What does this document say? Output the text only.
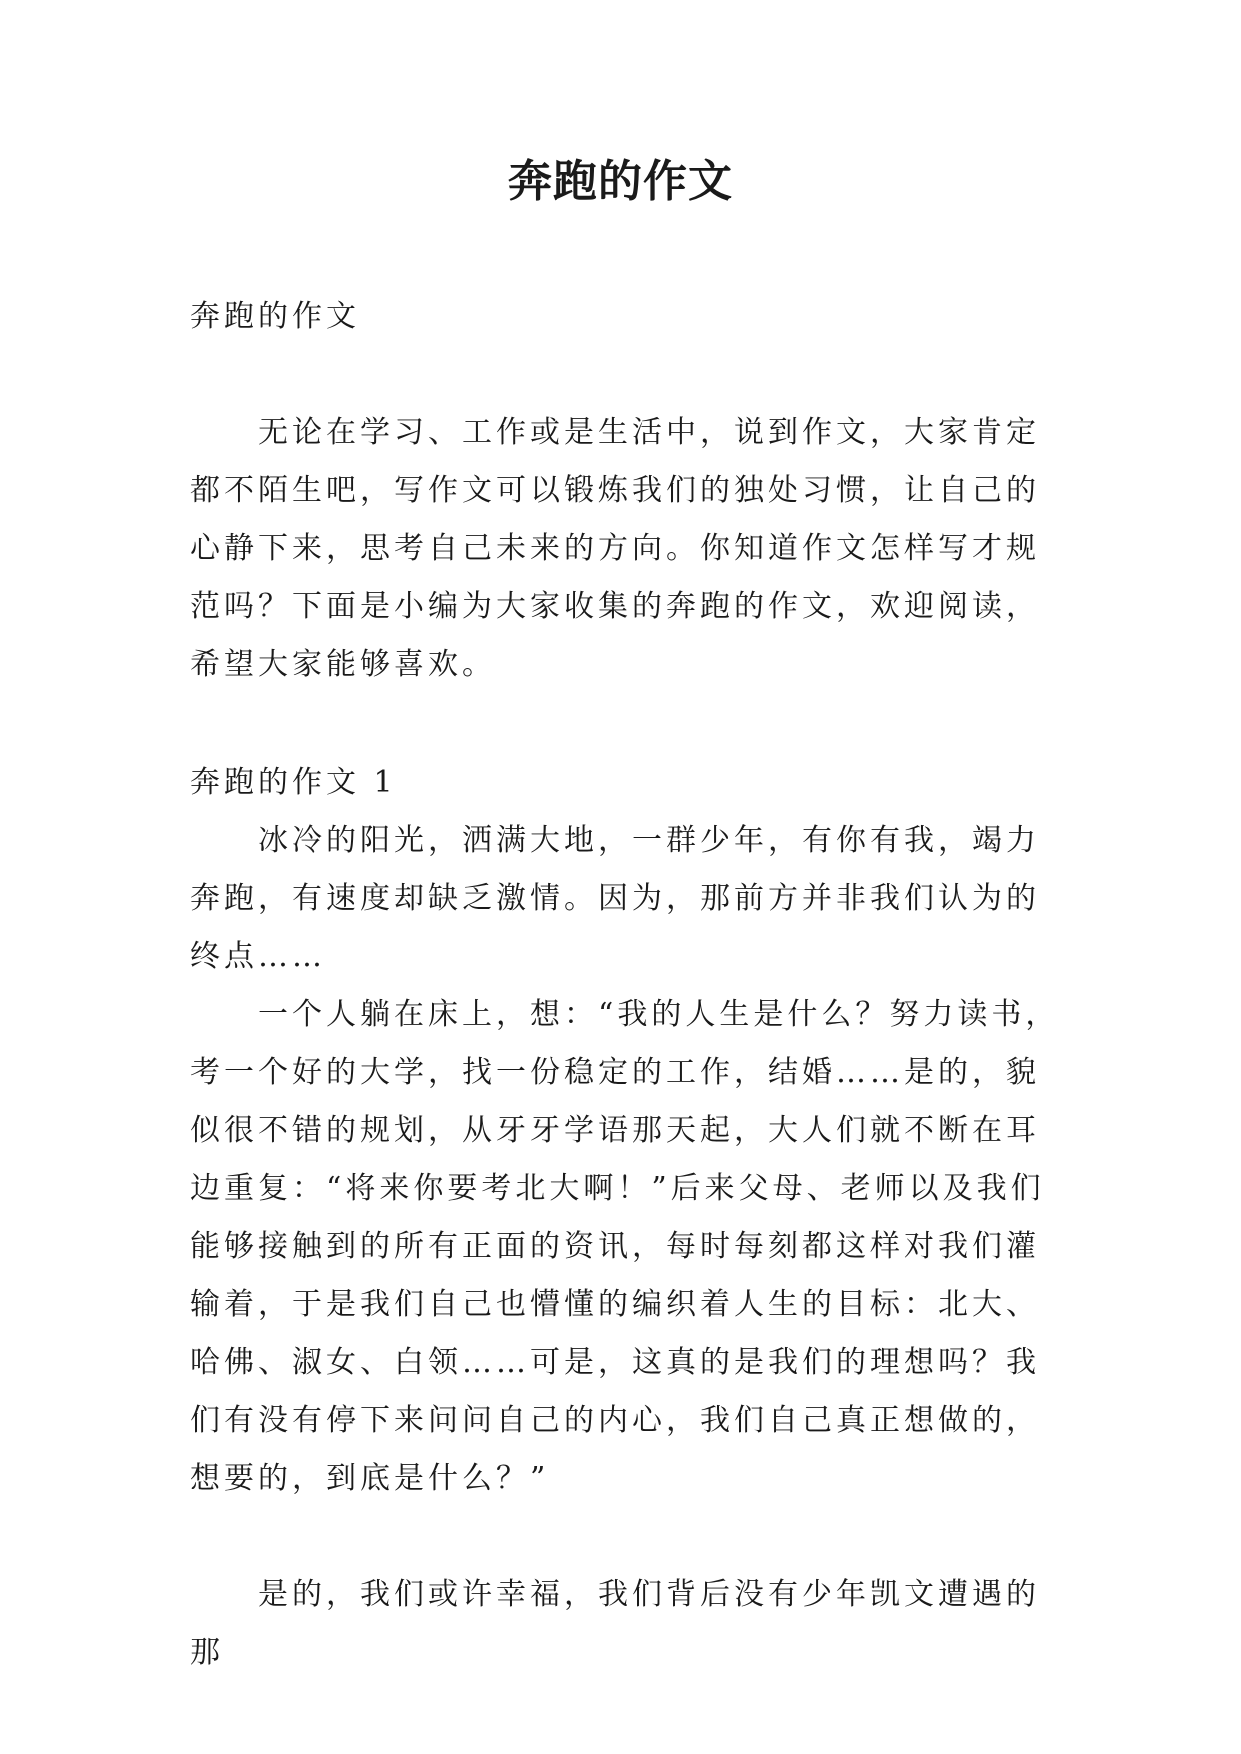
奔跑的作文

奔跑的作文

无论在学习、工作或是生活中，说到作文，大家肯定都不陌生吧，写作文可以锻炼我们的独处习惯，让自己的心静下来，思考自己未来的方向。你知道作文怎样写才规范吗？下面是小编为大家收集的奔跑的作文，欢迎阅读，希望大家能够喜欢。

奔跑的作文 1

冰冷的阳光，洒满大地，一群少年，有你有我，竭力奔跑，有速度却缺乏激情。因为，那前方并非我们认为的终点……

一个人躺在床上，想：“我的人生是什么？努力读书，考一个好的大学，找一份稳定的工作，结婚……是的，貌似很不错的规划，从牙牙学语那天起，大人们就不断在耳边重复：“将来你要考北大啊！”后来父母、老师以及我们能够接触到的所有正面的资讯，每时每刻都这样对我们灌输着，于是我们自己也懵懂的编织着人生的目标：北大、哈佛、淑女、白领……可是，这真的是我们的理想吗？我们有没有停下来问问自己的内心，我们自己真正想做的，想要的，到底是什么？”

是的，我们或许幸福，我们背后没有少年凯文遭遇的那
